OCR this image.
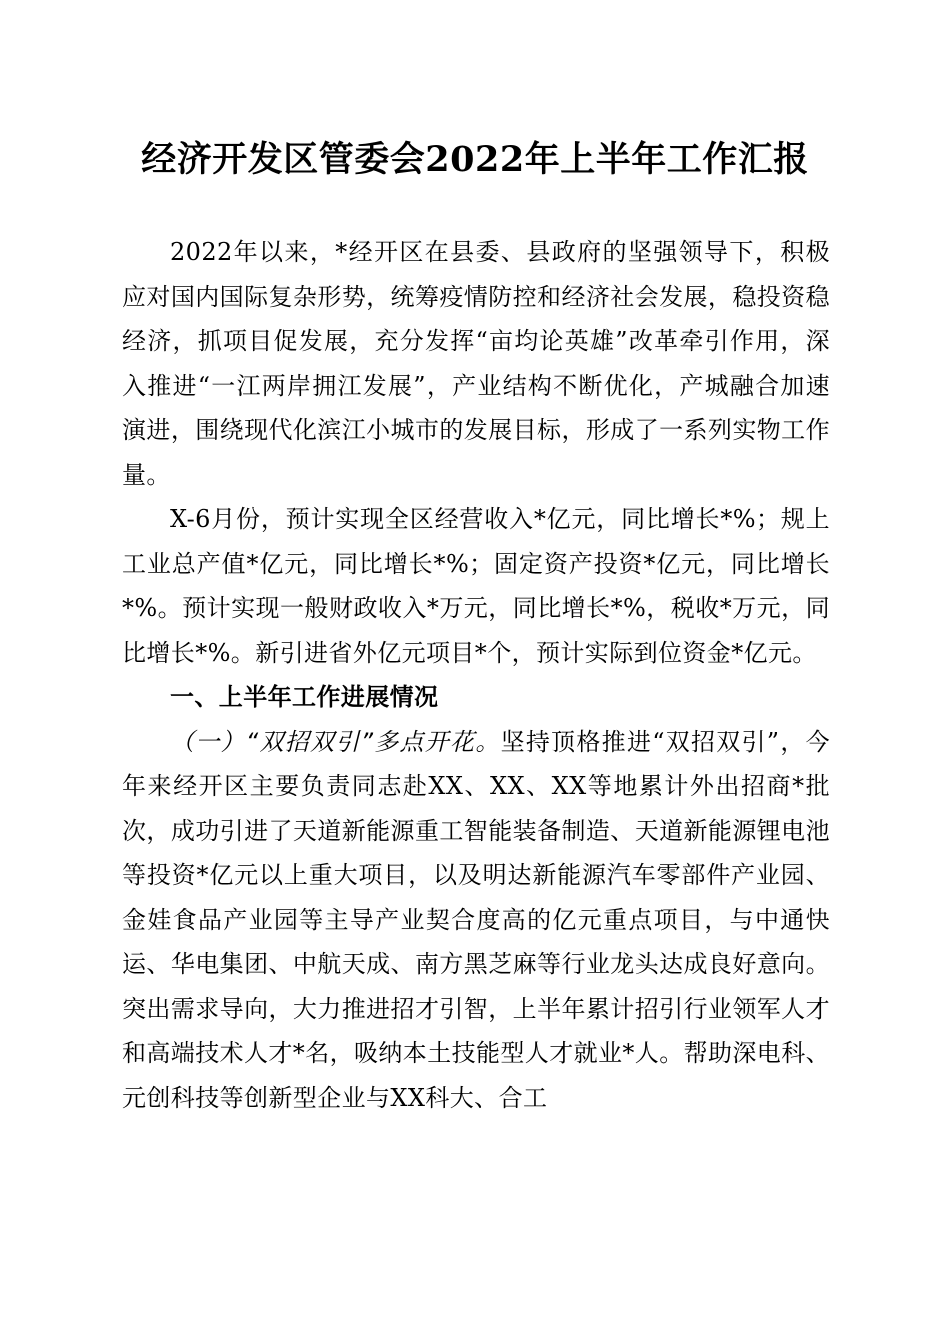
经济开发区管委会2022年上半年工作汇报

2022年以来，*经开区在县委、县政府的坚强领导下，积极应对国内国际复杂形势，统筹疫情防控和经济社会发展，稳投资稳经济，抓项目促发展，充分发挥“亩均论英雄”改革牵引作用，深入推进“一江两岸拥江发展”，产业结构不断优化，产城融合加速演进，围绕现代化滨江小城市的发展目标，形成了一系列实物工作量。

X-6月份，预计实现全区经营收入*亿元，同比增长*%；规上工业总产值*亿元，同比增长*%；固定资产投资*亿元，同比增长*%。预计实现一般财政收入*万元，同比增长*%，税收*万元，同比增长*%。新引进省外亿元项目*个，预计实际到位资金*亿元。

一、上半年工作进展情况

（一）“双招双引”多点开花。坚持顶格推进“双招双引”，今年来经开区主要负责同志赴XX、XX、XX等地累计外出招商*批次，成功引进了天道新能源重工智能装备制造、天道新能源锂电池等投资*亿元以上重大项目，以及明达新能源汽车零部件产业园、金娃食品产业园等主导产业契合度高的亿元重点项目，与中通快运、华电集团、中航天成、南方黑芝麻等行业龙头达成良好意向。突出需求导向，大力推进招才引智，上半年累计招引行业领军人才和高端技术人才*名，吸纳本土技能型人才就业*人。帮助深电科、元创科技等创新型企业与XX科大、合工
